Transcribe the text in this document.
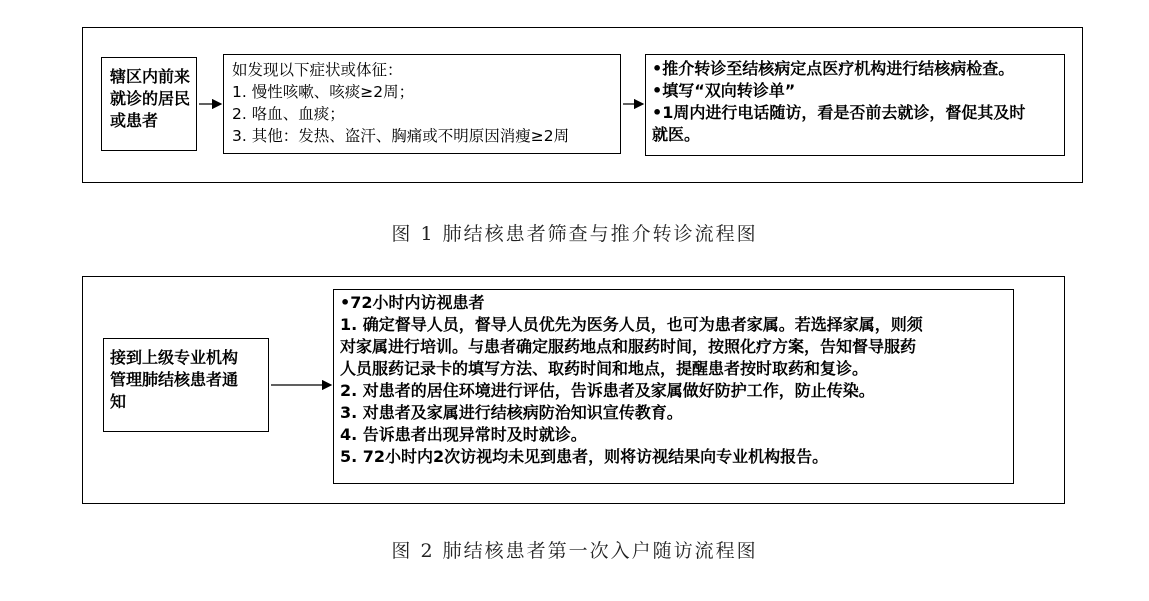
辖区内前来
就诊的居民
或患者
如发现以下症状或体征：
1. 慢性咳嗽、咳痰≥2周；
2. 咯血、血痰；
3. 其他：发热、盗汗、胸痛或不明原因消瘦≥2周
•推介转诊至结核病定点医疗机构进行结核病检查。
•填写“双向转诊单”
•1周内进行电话随访，看是否前去就诊，督促其及时
就医。
图 1 肺结核患者筛查与推介转诊流程图
接到上级专业机构
管理肺结核患者通
知
•72小时内访视患者
1. 确定督导人员，督导人员优先为医务人员，也可为患者家属。若选择家属，则须
对家属进行培训。与患者确定服药地点和服药时间，按照化疗方案，告知督导服药
人员服药记录卡的填写方法、取药时间和地点，提醒患者按时取药和复诊。
2. 对患者的居住环境进行评估，告诉患者及家属做好防护工作，防止传染。
3. 对患者及家属进行结核病防治知识宣传教育。
4. 告诉患者出现异常时及时就诊。
5. 72小时内2次访视均未见到患者，则将访视结果向专业机构报告。
图 2 肺结核患者第一次入户随访流程图
